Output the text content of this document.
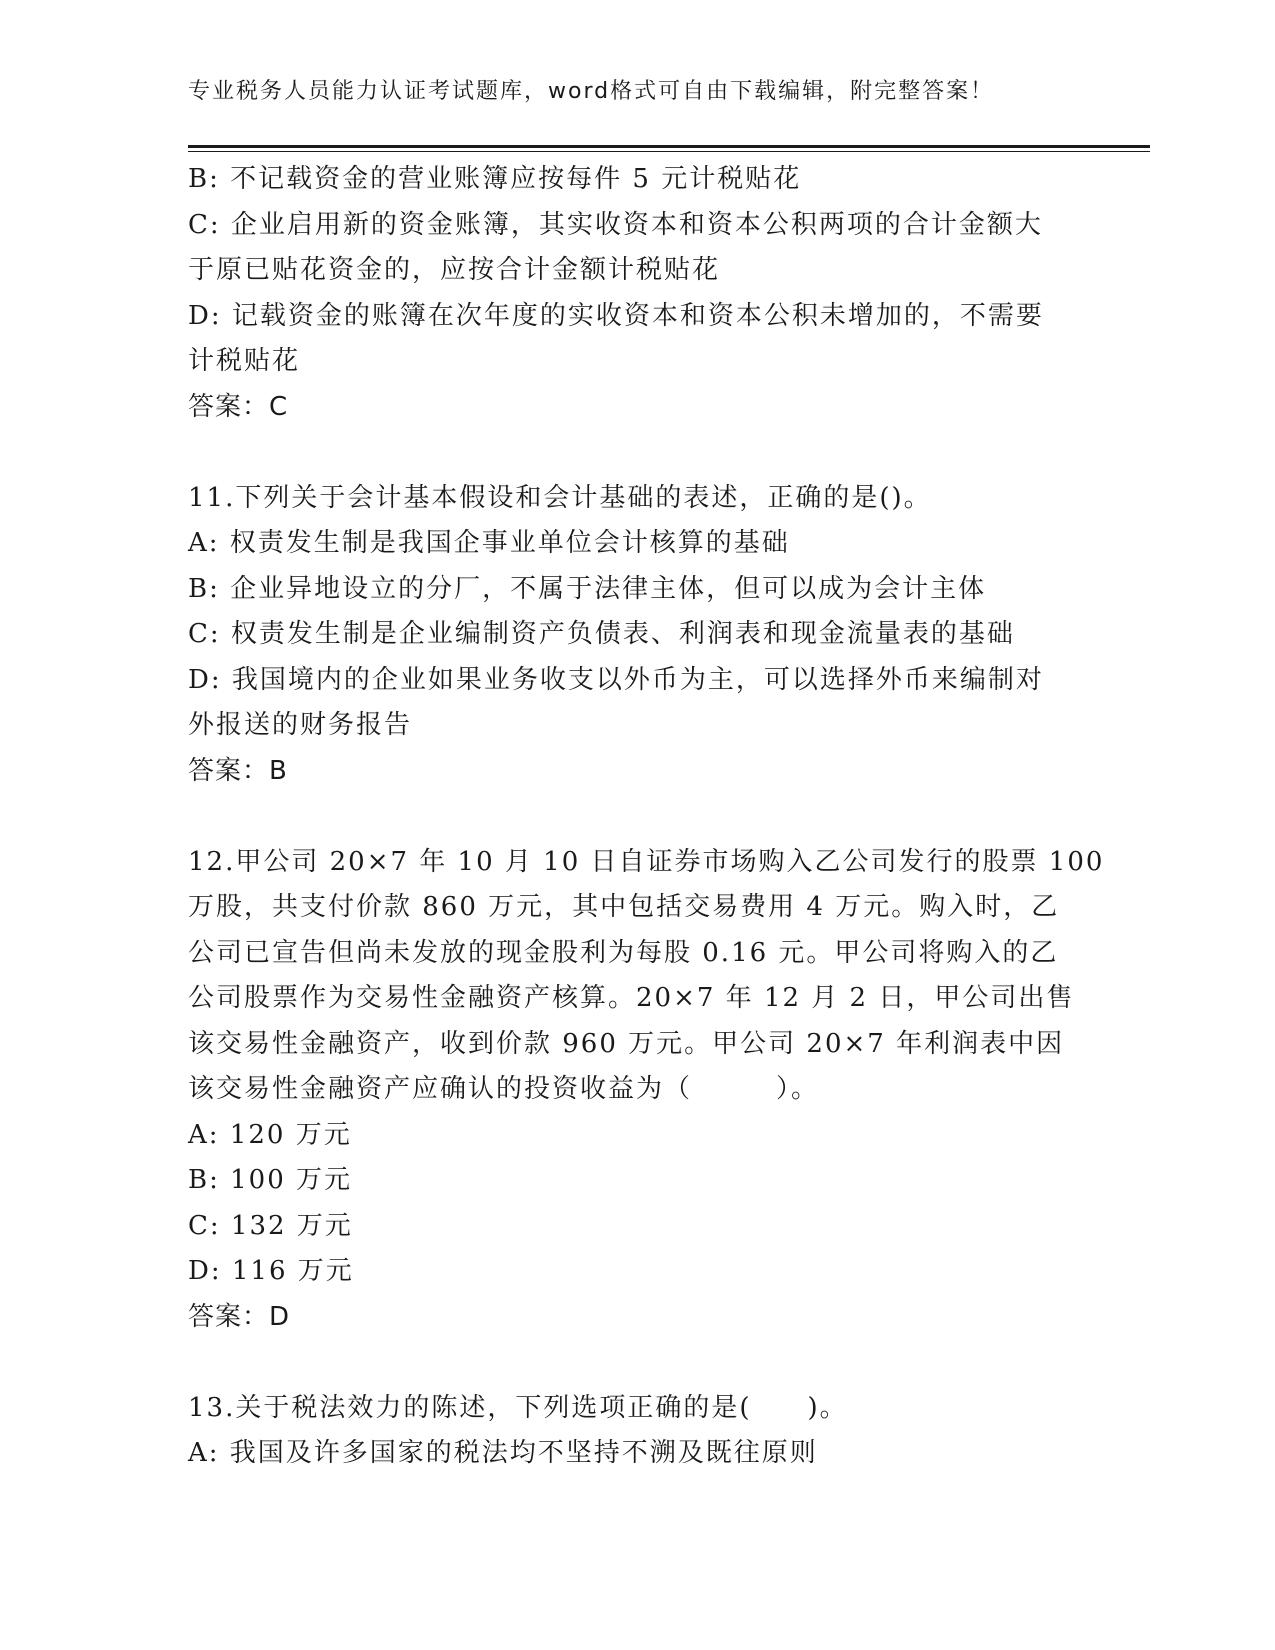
专业税务人员能力认证考试题库，word格式可自由下载编辑，附完整答案！
B: 不记载资金的营业账簿应按每件 5 元计税贴花
C: 企业启用新的资金账簿，其实收资本和资本公积两项的合计金额大
于原已贴花资金的，应按合计金额计税贴花
D: 记载资金的账簿在次年度的实收资本和资本公积未增加的，不需要
计税贴花
答案：C
11.下列关于会计基本假设和会计基础的表述，正确的是()。
A: 权责发生制是我国企事业单位会计核算的基础
B: 企业异地设立的分厂，不属于法律主体，但可以成为会计主体
C: 权责发生制是企业编制资产负债表、利润表和现金流量表的基础
D: 我国境内的企业如果业务收支以外币为主，可以选择外币来编制对
外报送的财务报告
答案：B
12.甲公司 20×7 年 10 月 10 日自证券市场购入乙公司发行的股票 100
万股，共支付价款 860 万元，其中包括交易费用 4 万元。购入时，乙
公司已宣告但尚未发放的现金股利为每股 0.16 元。甲公司将购入的乙
公司股票作为交易性金融资产核算。20×7 年 12 月 2 日，甲公司出售
该交易性金融资产，收到价款 960 万元。甲公司 20×7 年利润表中因
该交易性金融资产应确认的投资收益为（　　　）。
A: 120 万元
B: 100 万元
C: 132 万元
D: 116 万元
答案：D
13.关于税法效力的陈述，下列选项正确的是(　　)。
A: 我国及许多国家的税法均不坚持不溯及既往原则
